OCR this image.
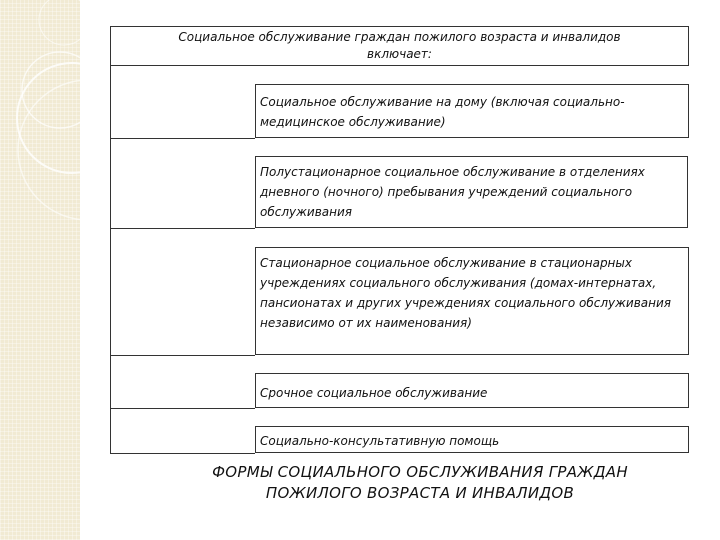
Социальное обслуживание граждан пожилого возраста и инвалидов
включает:
Социальное обслуживание на дому (включая социально-медицинское обслуживание)
Полустационарное социальное обслуживание в отделениях дневного (ночного) пребывания учреждений социального обслуживания
Стационарное социальное обслуживание в стационарных учреждениях социального обслуживания (домах-интернатах, пансионатах и других учреждениях социального обслуживания независимо от их наименования)
Срочное социальное обслуживание
Социально-консультативную помощь
ФОРМЫ СОЦИАЛЬНОГО ОБСЛУЖИВАНИЯ ГРАЖДАН
ПОЖИЛОГО ВОЗРАСТА И ИНВАЛИДОВ
